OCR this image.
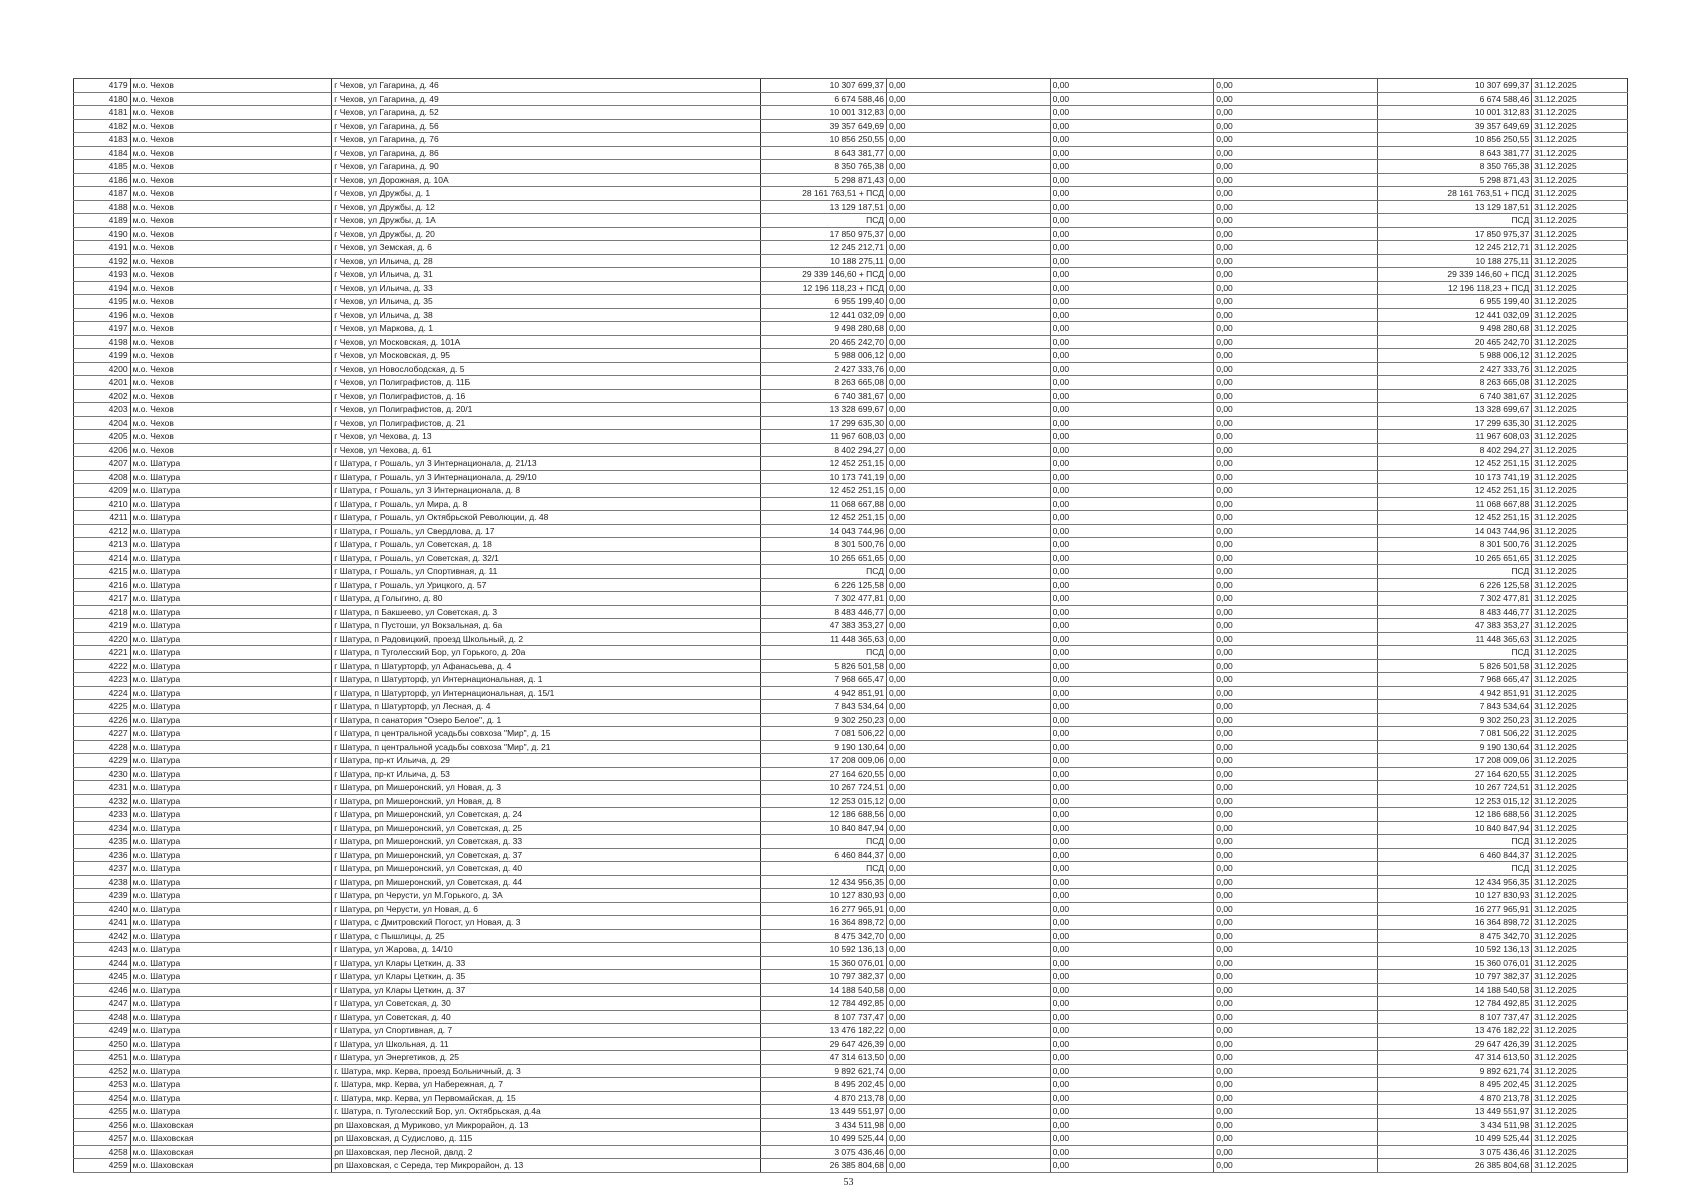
4179	м.о. Чехов	г Чехов, ул Гагарина, д. 46	10 307 699,37	0,00	0,00	0,00	10 307 699,37	31.12.2025
4180	м.о. Чехов	г Чехов, ул Гагарина, д. 49	6 674 588,46	0,00	0,00	0,00	6 674 588,46	31.12.2025
4181	м.о. Чехов	г Чехов, ул Гагарина, д. 52	10 001 312,83	0,00	0,00	0,00	10 001 312,83	31.12.2025
4182	м.о. Чехов	г Чехов, ул Гагарина, д. 56	39 357 649,69	0,00	0,00	0,00	39 357 649,69	31.12.2025
4183	м.о. Чехов	г Чехов, ул Гагарина, д. 76	10 856 250,55	0,00	0,00	0,00	10 856 250,55	31.12.2025
4184	м.о. Чехов	г Чехов, ул Гагарина, д. 86	8 643 381,77	0,00	0,00	0,00	8 643 381,77	31.12.2025
4185	м.о. Чехов	г Чехов, ул Гагарина, д. 90	8 350 765,38	0,00	0,00	0,00	8 350 765,38	31.12.2025
4186	м.о. Чехов	г Чехов, ул Дорожная, д. 10А	5 298 871,43	0,00	0,00	0,00	5 298 871,43	31.12.2025
4187	м.о. Чехов	г Чехов, ул Дружбы, д. 1	28 161 763,51 + ПСД	0,00	0,00	0,00	28 161 763,51 + ПСД	31.12.2025
4188	м.о. Чехов	г Чехов, ул Дружбы, д. 12	13 129 187,51	0,00	0,00	0,00	13 129 187,51	31.12.2025
4189	м.о. Чехов	г Чехов, ул Дружбы, д. 1А	ПСД	0,00	0,00	0,00	ПСД	31.12.2025
4190	м.о. Чехов	г Чехов, ул Дружбы, д. 20	17 850 975,37	0,00	0,00	0,00	17 850 975,37	31.12.2025
4191	м.о. Чехов	г Чехов, ул Земская, д. 6	12 245 212,71	0,00	0,00	0,00	12 245 212,71	31.12.2025
4192	м.о. Чехов	г Чехов, ул Ильича, д. 28	10 188 275,11	0,00	0,00	0,00	10 188 275,11	31.12.2025
4193	м.о. Чехов	г Чехов, ул Ильича, д. 31	29 339 146,60 + ПСД	0,00	0,00	0,00	29 339 146,60 + ПСД	31.12.2025
4194	м.о. Чехов	г Чехов, ул Ильича, д. 33	12 196 118,23 + ПСД	0,00	0,00	0,00	12 196 118,23 + ПСД	31.12.2025
4195	м.о. Чехов	г Чехов, ул Ильича, д. 35	6 955 199,40	0,00	0,00	0,00	6 955 199,40	31.12.2025
4196	м.о. Чехов	г Чехов, ул Ильича, д. 38	12 441 032,09	0,00	0,00	0,00	12 441 032,09	31.12.2025
4197	м.о. Чехов	г Чехов, ул Маркова, д. 1	9 498 280,68	0,00	0,00	0,00	9 498 280,68	31.12.2025
4198	м.о. Чехов	г Чехов, ул Московская, д. 101А	20 465 242,70	0,00	0,00	0,00	20 465 242,70	31.12.2025
4199	м.о. Чехов	г Чехов, ул Московская, д. 95	5 988 006,12	0,00	0,00	0,00	5 988 006,12	31.12.2025
4200	м.о. Чехов	г Чехов, ул Новослободская, д. 5	2 427 333,76	0,00	0,00	0,00	2 427 333,76	31.12.2025
4201	м.о. Чехов	г Чехов, ул Полиграфистов, д. 11Б	8 263 665,08	0,00	0,00	0,00	8 263 665,08	31.12.2025
4202	м.о. Чехов	г Чехов, ул Полиграфистов, д. 16	6 740 381,67	0,00	0,00	0,00	6 740 381,67	31.12.2025
4203	м.о. Чехов	г Чехов, ул Полиграфистов, д. 20/1	13 328 699,67	0,00	0,00	0,00	13 328 699,67	31.12.2025
4204	м.о. Чехов	г Чехов, ул Полиграфистов, д. 21	17 299 635,30	0,00	0,00	0,00	17 299 635,30	31.12.2025
4205	м.о. Чехов	г Чехов, ул Чехова, д. 13	11 967 608,03	0,00	0,00	0,00	11 967 608,03	31.12.2025
4206	м.о. Чехов	г Чехов, ул Чехова, д. 61	8 402 294,27	0,00	0,00	0,00	8 402 294,27	31.12.2025
4207	м.о. Шатура	г Шатура, г Рошаль, ул 3 Интернационала, д. 21/13	12 452 251,15	0,00	0,00	0,00	12 452 251,15	31.12.2025
4208	м.о. Шатура	г Шатура, г Рошаль, ул 3 Интернационала, д. 29/10	10 173 741,19	0,00	0,00	0,00	10 173 741,19	31.12.2025
4209	м.о. Шатура	г Шатура, г Рошаль, ул 3 Интернационала, д. 8	12 452 251,15	0,00	0,00	0,00	12 452 251,15	31.12.2025
4210	м.о. Шатура	г Шатура, г Рошаль, ул Мира, д. 8	11 068 667,88	0,00	0,00	0,00	11 068 667,88	31.12.2025
4211	м.о. Шатура	г Шатура, г Рошаль, ул Октябрьской Революции, д. 48	12 452 251,15	0,00	0,00	0,00	12 452 251,15	31.12.2025
4212	м.о. Шатура	г Шатура, г Рошаль, ул Свердлова, д. 17	14 043 744,96	0,00	0,00	0,00	14 043 744,96	31.12.2025
4213	м.о. Шатура	г Шатура, г Рошаль, ул Советская, д. 18	8 301 500,76	0,00	0,00	0,00	8 301 500,76	31.12.2025
4214	м.о. Шатура	г Шатура, г Рошаль, ул Советская, д. 32/1	10 265 651,65	0,00	0,00	0,00	10 265 651,65	31.12.2025
4215	м.о. Шатура	г Шатура, г Рошаль, ул Спортивная, д. 11	ПСД	0,00	0,00	0,00	ПСД	31.12.2025
4216	м.о. Шатура	г Шатура, г Рошаль, ул Урицкого, д. 57	6 226 125,58	0,00	0,00	0,00	6 226 125,58	31.12.2025
4217	м.о. Шатура	г Шатура, д Голыгино, д. 80	7 302 477,81	0,00	0,00	0,00	7 302 477,81	31.12.2025
4218	м.о. Шатура	г Шатура, п Бакшеево, ул Советская, д. 3	8 483 446,77	0,00	0,00	0,00	8 483 446,77	31.12.2025
4219	м.о. Шатура	г Шатура, п Пустоши, ул Вокзальная, д. 6а	47 383 353,27	0,00	0,00	0,00	47 383 353,27	31.12.2025
4220	м.о. Шатура	г Шатура, п Радовицкий, проезд Школьный, д. 2	11 448 365,63	0,00	0,00	0,00	11 448 365,63	31.12.2025
4221	м.о. Шатура	г Шатура, п Туголесский Бор, ул Горького, д. 20а	ПСД	0,00	0,00	0,00	ПСД	31.12.2025
4222	м.о. Шатура	г Шатура, п Шатурторф, ул Афанасьева, д. 4	5 826 501,58	0,00	0,00	0,00	5 826 501,58	31.12.2025
4223	м.о. Шатура	г Шатура, п Шатурторф, ул Интернациональная, д. 1	7 968 665,47	0,00	0,00	0,00	7 968 665,47	31.12.2025
4224	м.о. Шатура	г Шатура, п Шатурторф, ул Интернациональная, д. 15/1	4 942 851,91	0,00	0,00	0,00	4 942 851,91	31.12.2025
4225	м.о. Шатура	г Шатура, п Шатурторф, ул Лесная, д. 4	7 843 534,64	0,00	0,00	0,00	7 843 534,64	31.12.2025
4226	м.о. Шатура	г Шатура, п санатория "Озеро Белое", д. 1	9 302 250,23	0,00	0,00	0,00	9 302 250,23	31.12.2025
4227	м.о. Шатура	г Шатура, п центральной усадьбы совхоза "Мир", д. 15	7 081 506,22	0,00	0,00	0,00	7 081 506,22	31.12.2025
4228	м.о. Шатура	г Шатура, п центральной усадьбы совхоза "Мир", д. 21	9 190 130,64	0,00	0,00	0,00	9 190 130,64	31.12.2025
4229	м.о. Шатура	г Шатура, пр-кт Ильича, д. 29	17 208 009,06	0,00	0,00	0,00	17 208 009,06	31.12.2025
4230	м.о. Шатура	г Шатура, пр-кт Ильича, д. 53	27 164 620,55	0,00	0,00	0,00	27 164 620,55	31.12.2025
4231	м.о. Шатура	г Шатура, рп Мишеронский, ул Новая, д. 3	10 267 724,51	0,00	0,00	0,00	10 267 724,51	31.12.2025
4232	м.о. Шатура	г Шатура, рп Мишеронский, ул Новая, д. 8	12 253 015,12	0,00	0,00	0,00	12 253 015,12	31.12.2025
4233	м.о. Шатура	г Шатура, рп Мишеронский, ул Советская, д. 24	12 186 688,56	0,00	0,00	0,00	12 186 688,56	31.12.2025
4234	м.о. Шатура	г Шатура, рп Мишеронский, ул Советская, д. 25	10 840 847,94	0,00	0,00	0,00	10 840 847,94	31.12.2025
4235	м.о. Шатура	г Шатура, рп Мишеронский, ул Советская, д. 33	ПСД	0,00	0,00	0,00	ПСД	31.12.2025
4236	м.о. Шатура	г Шатура, рп Мишеронский, ул Советская, д. 37	6 460 844,37	0,00	0,00	0,00	6 460 844,37	31.12.2025
4237	м.о. Шатура	г Шатура, рп Мишеронский, ул Советская, д. 40	ПСД	0,00	0,00	0,00	ПСД	31.12.2025
4238	м.о. Шатура	г Шатура, рп Мишеронский, ул Советская, д. 44	12 434 956,35	0,00	0,00	0,00	12 434 956,35	31.12.2025
4239	м.о. Шатура	г Шатура, рп Черусти, ул М.Горького, д. 3А	10 127 830,93	0,00	0,00	0,00	10 127 830,93	31.12.2025
4240	м.о. Шатура	г Шатура, рп Черусти, ул Новая, д. 6	16 277 965,91	0,00	0,00	0,00	16 277 965,91	31.12.2025
4241	м.о. Шатура	г Шатура, с Дмитровский Погост, ул Новая, д. 3	16 364 898,72	0,00	0,00	0,00	16 364 898,72	31.12.2025
4242	м.о. Шатура	г Шатура, с Пышлицы, д. 25	8 475 342,70	0,00	0,00	0,00	8 475 342,70	31.12.2025
4243	м.о. Шатура	г Шатура, ул Жарова, д. 14/10	10 592 136,13	0,00	0,00	0,00	10 592 136,13	31.12.2025
4244	м.о. Шатура	г Шатура, ул Клары Цеткин, д. 33	15 360 076,01	0,00	0,00	0,00	15 360 076,01	31.12.2025
4245	м.о. Шатура	г Шатура, ул Клары Цеткин, д. 35	10 797 382,37	0,00	0,00	0,00	10 797 382,37	31.12.2025
4246	м.о. Шатура	г Шатура, ул Клары Цеткин, д. 37	14 188 540,58	0,00	0,00	0,00	14 188 540,58	31.12.2025
4247	м.о. Шатура	г Шатура, ул Советская, д. 30	12 784 492,85	0,00	0,00	0,00	12 784 492,85	31.12.2025
4248	м.о. Шатура	г Шатура, ул Советская, д. 40	8 107 737,47	0,00	0,00	0,00	8 107 737,47	31.12.2025
4249	м.о. Шатура	г Шатура, ул Спортивная, д. 7	13 476 182,22	0,00	0,00	0,00	13 476 182,22	31.12.2025
4250	м.о. Шатура	г Шатура, ул Школьная, д. 11	29 647 426,39	0,00	0,00	0,00	29 647 426,39	31.12.2025
4251	м.о. Шатура	г Шатура, ул Энергетиков, д. 25	47 314 613,50	0,00	0,00	0,00	47 314 613,50	31.12.2025
4252	м.о. Шатура	г. Шатура, мкр. Керва, проезд Больничный, д. 3	9 892 621,74	0,00	0,00	0,00	9 892 621,74	31.12.2025
4253	м.о. Шатура	г. Шатура, мкр. Керва, ул Набережная, д. 7	8 495 202,45	0,00	0,00	0,00	8 495 202,45	31.12.2025
4254	м.о. Шатура	г. Шатура, мкр. Керва, ул Первомайская, д. 15	4 870 213,78	0,00	0,00	0,00	4 870 213,78	31.12.2025
4255	м.о. Шатура	г. Шатура, п. Туголесский Бор, ул. Октябрьская, д.4а	13 449 551,97	0,00	0,00	0,00	13 449 551,97	31.12.2025
4256	м.о. Шаховская	рп Шаховская, д Муриково, ул Микрорайон, д. 13	3 434 511,98	0,00	0,00	0,00	3 434 511,98	31.12.2025
4257	м.о. Шаховская	рп Шаховская, д Судислово, д. 115	10 499 525,44	0,00	0,00	0,00	10 499 525,44	31.12.2025
4258	м.о. Шаховская	рп Шаховская, пер Лесной, двлд. 2	3 075 436,46	0,00	0,00	0,00	3 075 436,46	31.12.2025
4259	м.о. Шаховская	рп Шаховская, с Середа, тер Микрорайон, д. 13	26 385 804,68	0,00	0,00	0,00	26 385 804,68	31.12.2025
53
